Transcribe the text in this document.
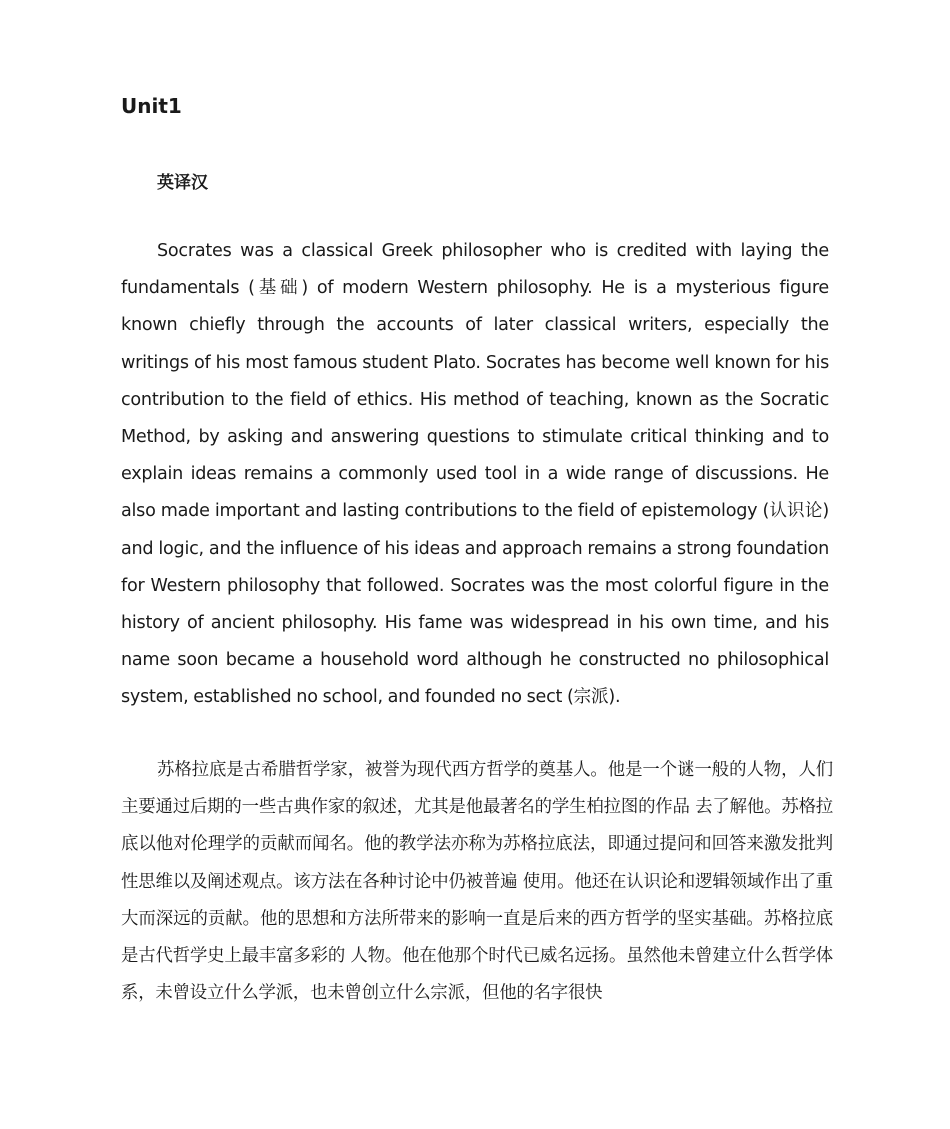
Unit1
英译汉

Socrates was a classical Greek philosopher who is credited with laying the fundamentals (基础) of modern Western philosophy. He is a mysterious figure known chiefly through the accounts of later classical writers, especially the writings of his most famous student Plato. Socrates has become well known for his contribution to the field of ethics. His method of teaching, known as the Socratic Method, by asking and answering questions to stimulate critical thinking and to explain ideas remains a commonly used tool in a wide range of discussions. He also made important and lasting contributions to the field of epistemology (认识论) and logic, and the influence of his ideas and approach remains a strong foundation for Western philosophy that followed. Socrates was the most colorful figure in the history of ancient philosophy. His fame was widespread in his own time, and his name soon became a household word although he constructed no philosophical system, established no school, and founded no sect (宗派).

苏格拉底是古希腊哲学家，被誉为现代西方哲学的奠基人。他是一个谜一般的人物，人们主要通过后期的一些古典作家的叙述，尤其是他最著名的学生柏拉图的作品 去了解他。苏格拉底以他对伦理学的贡献而闻名。他的教学法亦称为苏格拉底法，即通过提问和回答来激发批判性思维以及阐述观点。该方法在各种讨论中仍被普遍 使用。他还在认识论和逻辑领域作出了重大而深远的贡献。他的思想和方法所带来的影响一直是后来的西方哲学的坚实基础。苏格拉底是古代哲学史上最丰富多彩的 人物。他在他那个时代已威名远扬。虽然他未曾建立什么哲学体系，未曾设立什么学派，也未曾创立什么宗派，但他的名字很快
